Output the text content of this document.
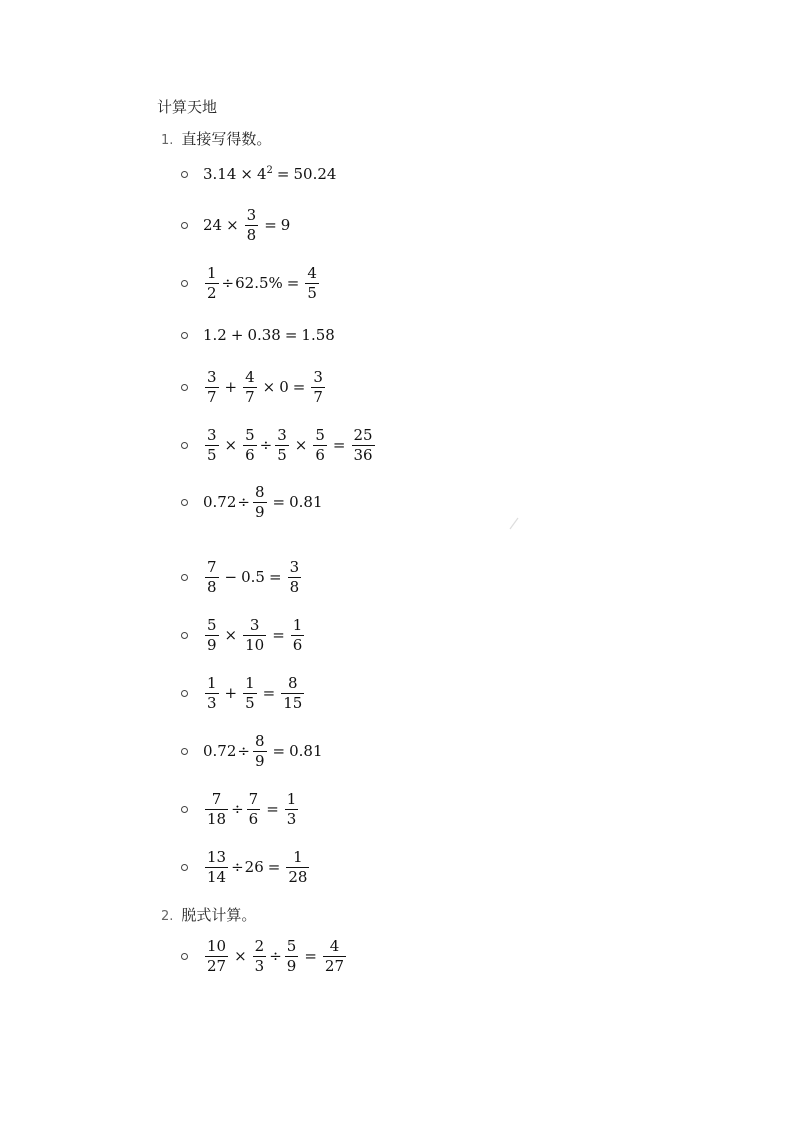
计算天地
1. 直接写得数。
$3.14 \times 4^2 = 50.24$
$24 \times \frac{3}{8} = 9$
$\frac{1}{2} \div 62.5\% = \frac{4}{5}$
1.2 + 0.38 = 1.58
$\frac{3}{7} + \frac{4}{7} \times 0 = \frac{3}{7}$
$\frac{3}{5} \times \frac{5}{6} \div \frac{3}{5} \times \frac{5}{6} = \frac{25}{36}$
$0.72 \div \frac{8}{9} = 0.81$
$\frac{7}{8} - 0.5 = \frac{3}{8}$
$\frac{5}{9} \times \frac{3}{10} = \frac{1}{6}$
$\frac{1}{3} + \frac{1}{5} = \frac{8}{15}$
$0.72 \div \frac{8}{9} = 0.81$
$\frac{7}{18} \div \frac{7}{6} = \frac{1}{3}$
$\frac{13}{14} \div 26 = \frac{1}{28}$
2. 脱式计算。
$\frac{10}{27} \times \frac{2}{3} \div \frac{5}{9} = \frac{4}{27}$
